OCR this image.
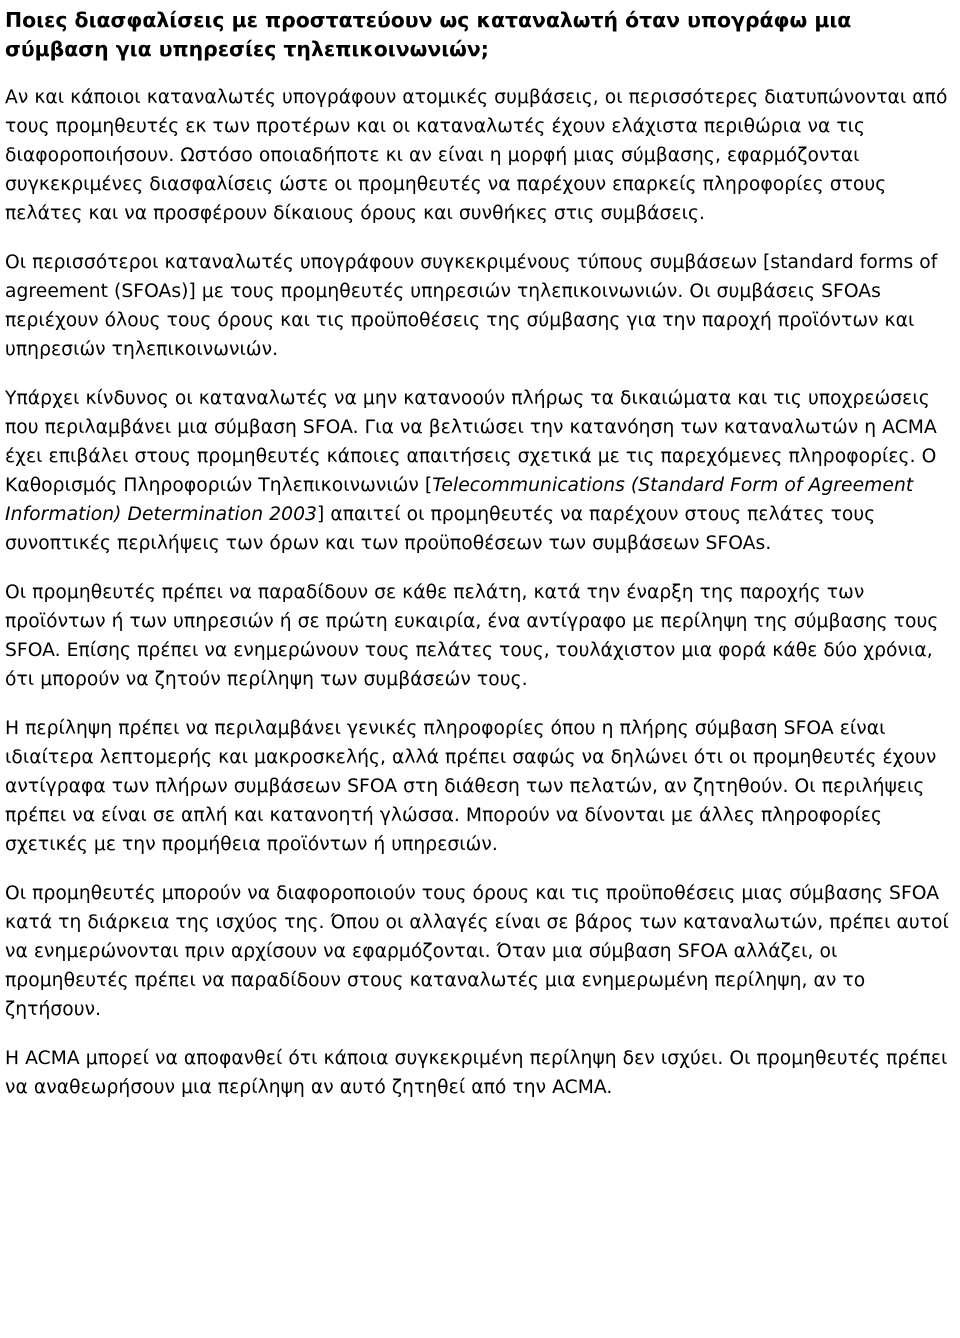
Ποιες διασφαλίσεις με προστατεύουν ως καταναλωτή όταν υπογράφω μια σύμβαση για υπηρεσίες τηλεπικοινωνιών;

Αν και κάποιοι καταναλωτές υπογράφουν ατομικές συμβάσεις, οι περισσότερες διατυπώνονται από τους προμηθευτές εκ των προτέρων και οι καταναλωτές έχουν ελάχιστα περιθώρια να τις διαφοροποιήσουν. Ωστόσο οποιαδήποτε κι αν είναι η μορφή μιας σύμβασης, εφαρμόζονται συγκεκριμένες διασφαλίσεις ώστε οι προμηθευτές να παρέχουν επαρκείς πληροφορίες στους πελάτες και να προσφέρουν δίκαιους όρους και συνθήκες στις συμβάσεις.

Οι περισσότεροι καταναλωτές υπογράφουν συγκεκριμένους τύπους συμβάσεων [standard forms of agreement (SFOAs)] με τους προμηθευτές υπηρεσιών τηλεπικοινωνιών. Οι συμβάσεις SFOAs περιέχουν όλους τους όρους και τις προϋποθέσεις της σύμβασης για την παροχή προϊόντων και υπηρεσιών τηλεπικοινωνιών.

Υπάρχει κίνδυνος οι καταναλωτές να μην κατανοούν πλήρως τα δικαιώματα και τις υποχρεώσεις που περιλαμβάνει μια σύμβαση SFOA. Για να βελτιώσει την κατανόηση των καταναλωτών η ACMA έχει επιβάλει στους προμηθευτές κάποιες απαιτήσεις σχετικά με τις παρεχόμενες πληροφορίες. Ο Καθορισμός Πληροφοριών Τηλεπικοινωνιών [Telecommunications (Standard Form of Agreement Information) Determination 2003] απαιτεί οι προμηθευτές να παρέχουν στους πελάτες τους συνοπτικές περιλήψεις των όρων και των προϋποθέσεων των συμβάσεων SFOAs.

Οι προμηθευτές πρέπει να παραδίδουν σε κάθε πελάτη, κατά την έναρξη της παροχής των προϊόντων ή των υπηρεσιών ή σε πρώτη ευκαιρία, ένα αντίγραφο με περίληψη της σύμβασης τους SFOA. Επίσης πρέπει να ενημερώνουν τους πελάτες τους, τουλάχιστον μια φορά κάθε δύο χρόνια, ότι μπορούν να ζητούν περίληψη των συμβάσεών τους.

Η περίληψη πρέπει να περιλαμβάνει γενικές πληροφορίες όπου η πλήρης σύμβαση SFOA είναι ιδιαίτερα λεπτομερής και μακροσκελής, αλλά πρέπει σαφώς να δηλώνει ότι οι προμηθευτές έχουν αντίγραφα των πλήρων συμβάσεων SFOA στη διάθεση των πελατών, αν ζητηθούν. Οι περιλήψεις πρέπει να είναι σε απλή και κατανοητή γλώσσα. Μπορούν να δίνονται με άλλες πληροφορίες σχετικές με την προμήθεια προϊόντων ή υπηρεσιών.

Οι προμηθευτές μπορούν να διαφοροποιούν τους όρους και τις προϋποθέσεις μιας σύμβασης SFOA κατά τη διάρκεια της ισχύος της. Όπου οι αλλαγές είναι σε βάρος των καταναλωτών, πρέπει αυτοί να ενημερώνονται πριν αρχίσουν να εφαρμόζονται. Όταν μια σύμβαση SFOA αλλάζει, οι προμηθευτές πρέπει να παραδίδουν στους καταναλωτές μια ενημερωμένη περίληψη, αν το ζητήσουν.

Η ACMA μπορεί να αποφανθεί ότι κάποια συγκεκριμένη περίληψη δεν ισχύει. Οι προμηθευτές πρέπει να αναθεωρήσουν μια περίληψη αν αυτό ζητηθεί από την ACMA.
